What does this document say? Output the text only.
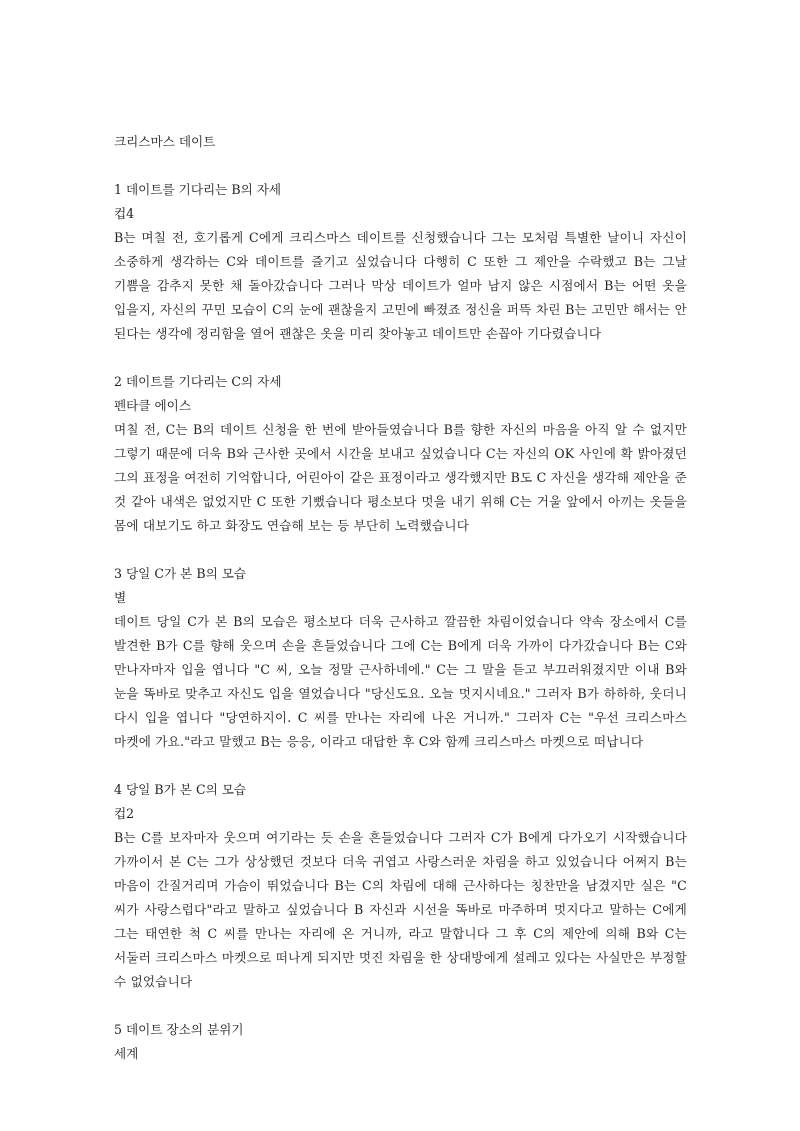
크리스마스 데이트
1 데이트를 기다리는 B의 자세

컵4

B는 며칠 전, 호기롭게 C에게 크리스마스 데이트를 신청했습니다 그는 모처럼 특별한 날이니 자신이 소중하게 생각하는 C와 데이트를 즐기고 싶었습니다 다행히 C 또한 그 제안을 수락했고 B는 그날 기쁨을 감추지 못한 채 돌아갔습니다 그러나 막상 데이트가 얼마 남지 않은 시점에서 B는 어떤 옷을 입을지, 자신의 꾸민 모습이 C의 눈에 괜찮을지 고민에 빠졌죠 정신을 퍼뜩 차린 B는 고민만 해서는 안 된다는 생각에 정리함을 열어 괜찮은 옷을 미리 찾아놓고 데이트만 손꼽아 기다렸습니다

2 데이트를 기다리는 C의 자세

펜타클 에이스

며칠 전, C는 B의 데이트 신청을 한 번에 받아들였습니다 B를 향한 자신의 마음을 아직 알 수 없지만 그렇기 때문에 더욱 B와 근사한 곳에서 시간을 보내고 싶었습니다 C는 자신의 OK 사인에 확 밝아졌던 그의 표정을 여전히 기억합니다, 어린아이 같은 표정이라고 생각했지만 B도 C 자신을 생각해 제안을 준 것 같아 내색은 없었지만 C 또한 기뻤습니다 평소보다 멋을 내기 위해 C는 거울 앞에서 아끼는 옷들을 몸에 대보기도 하고 화장도 연습해 보는 등 부단히 노력했습니다

3 당일 C가 본 B의 모습

별

데이트 당일 C가 본 B의 모습은 평소보다 더욱 근사하고 깔끔한 차림이었습니다 약속 장소에서 C를 발견한 B가 C를 향해 웃으며 손을 흔들었습니다 그에 C는 B에게 더욱 가까이 다가갔습니다 B는 C와 만나자마자 입을 엽니다 "C 씨, 오늘 정말 근사하네에." C는 그 말을 듣고 부끄러워졌지만 이내 B와 눈을 똑바로 맞추고 자신도 입을 열었습니다 "당신도요. 오늘 멋지시네요." 그러자 B가 하하하, 웃더니 다시 입을 엽니다 "당연하지이. C 씨를 만나는 자리에 나온 거니까." 그러자 C는 "우선 크리스마스 마켓에 가요."라고 말했고 B는 응응, 이라고 대답한 후 C와 함께 크리스마스 마켓으로 떠납니다

4 당일 B가 본 C의 모습

컵2

B는 C를 보자마자 웃으며 여기라는 듯 손을 흔들었습니다 그러자 C가 B에게 다가오기 시작했습니다 가까이서 본 C는 그가 상상했던 것보다 더욱 귀엽고 사랑스러운 차림을 하고 있었습니다 어쩌지 B는 마음이 간질거리며 가슴이 뛰었습니다 B는 C의 차림에 대해 근사하다는 칭찬만을 남겼지만 실은 "C 씨가 사랑스럽다"라고 말하고 싶었습니다 B 자신과 시선을 똑바로 마주하며 멋지다고 말하는 C에게 그는 태연한 척 C 씨를 만나는 자리에 온 거니까, 라고 말합니다 그 후 C의 제안에 의해 B와 C는 서둘러 크리스마스 마켓으로 떠나게 되지만 멋진 차림을 한 상대방에게 설레고 있다는 사실만은 부정할 수 없었습니다

5 데이트 장소의 분위기

세계
